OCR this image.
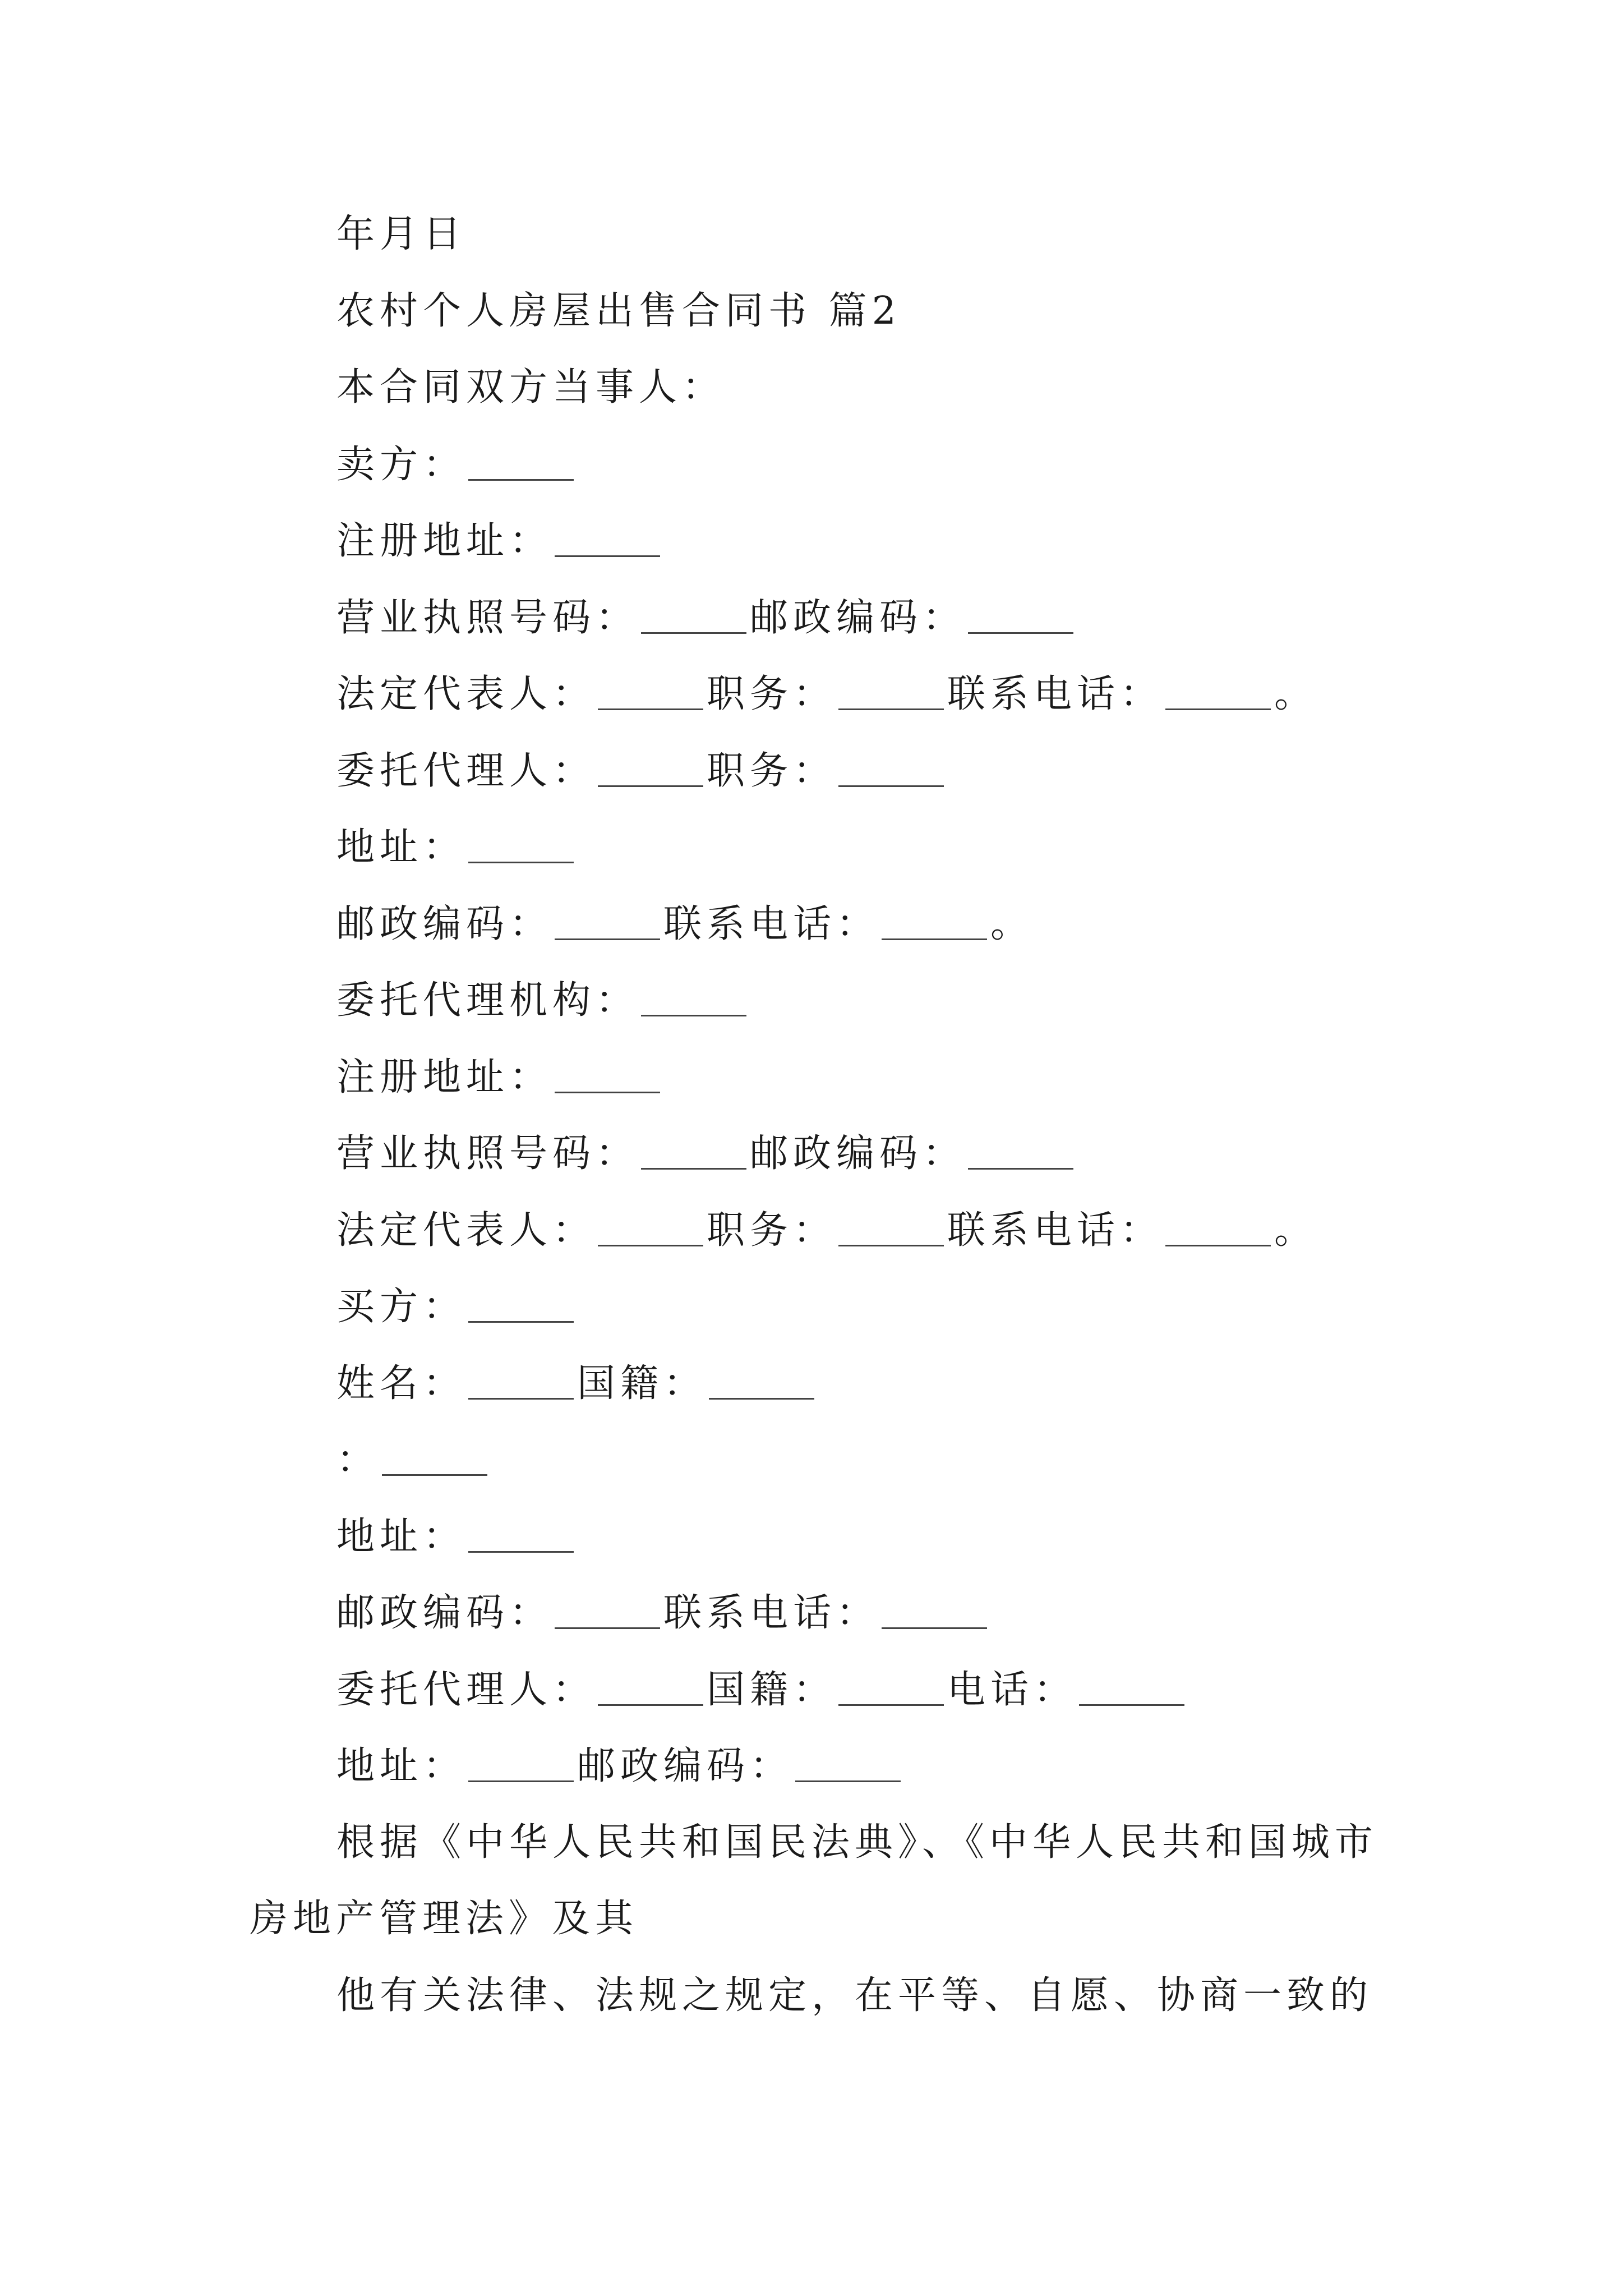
年月日
农村个人房屋出售合同书 篇2
本合同双方当事人：
卖方：
注册地址：
营业执照号码：	邮政编码：
法定代表人：	职务：	联系电话：	。
委托代理人：	职务：
地址：
邮政编码：	联系电话：	。
委托代理机构：
注册地址：
营业执照号码：	邮政编码：
法定代表人：	职务：	联系电话：	。
买方：
姓名：	国籍：
：
地址：
邮政编码：	联系电话：
委托代理人：	国籍：	电话：
地址：	邮政编码：
根据《中华人民共和国民法典》、《中华人民共和国城市
房地产管理法》及其
他有关法律、法规之规定，在平等、自愿、协商一致的
